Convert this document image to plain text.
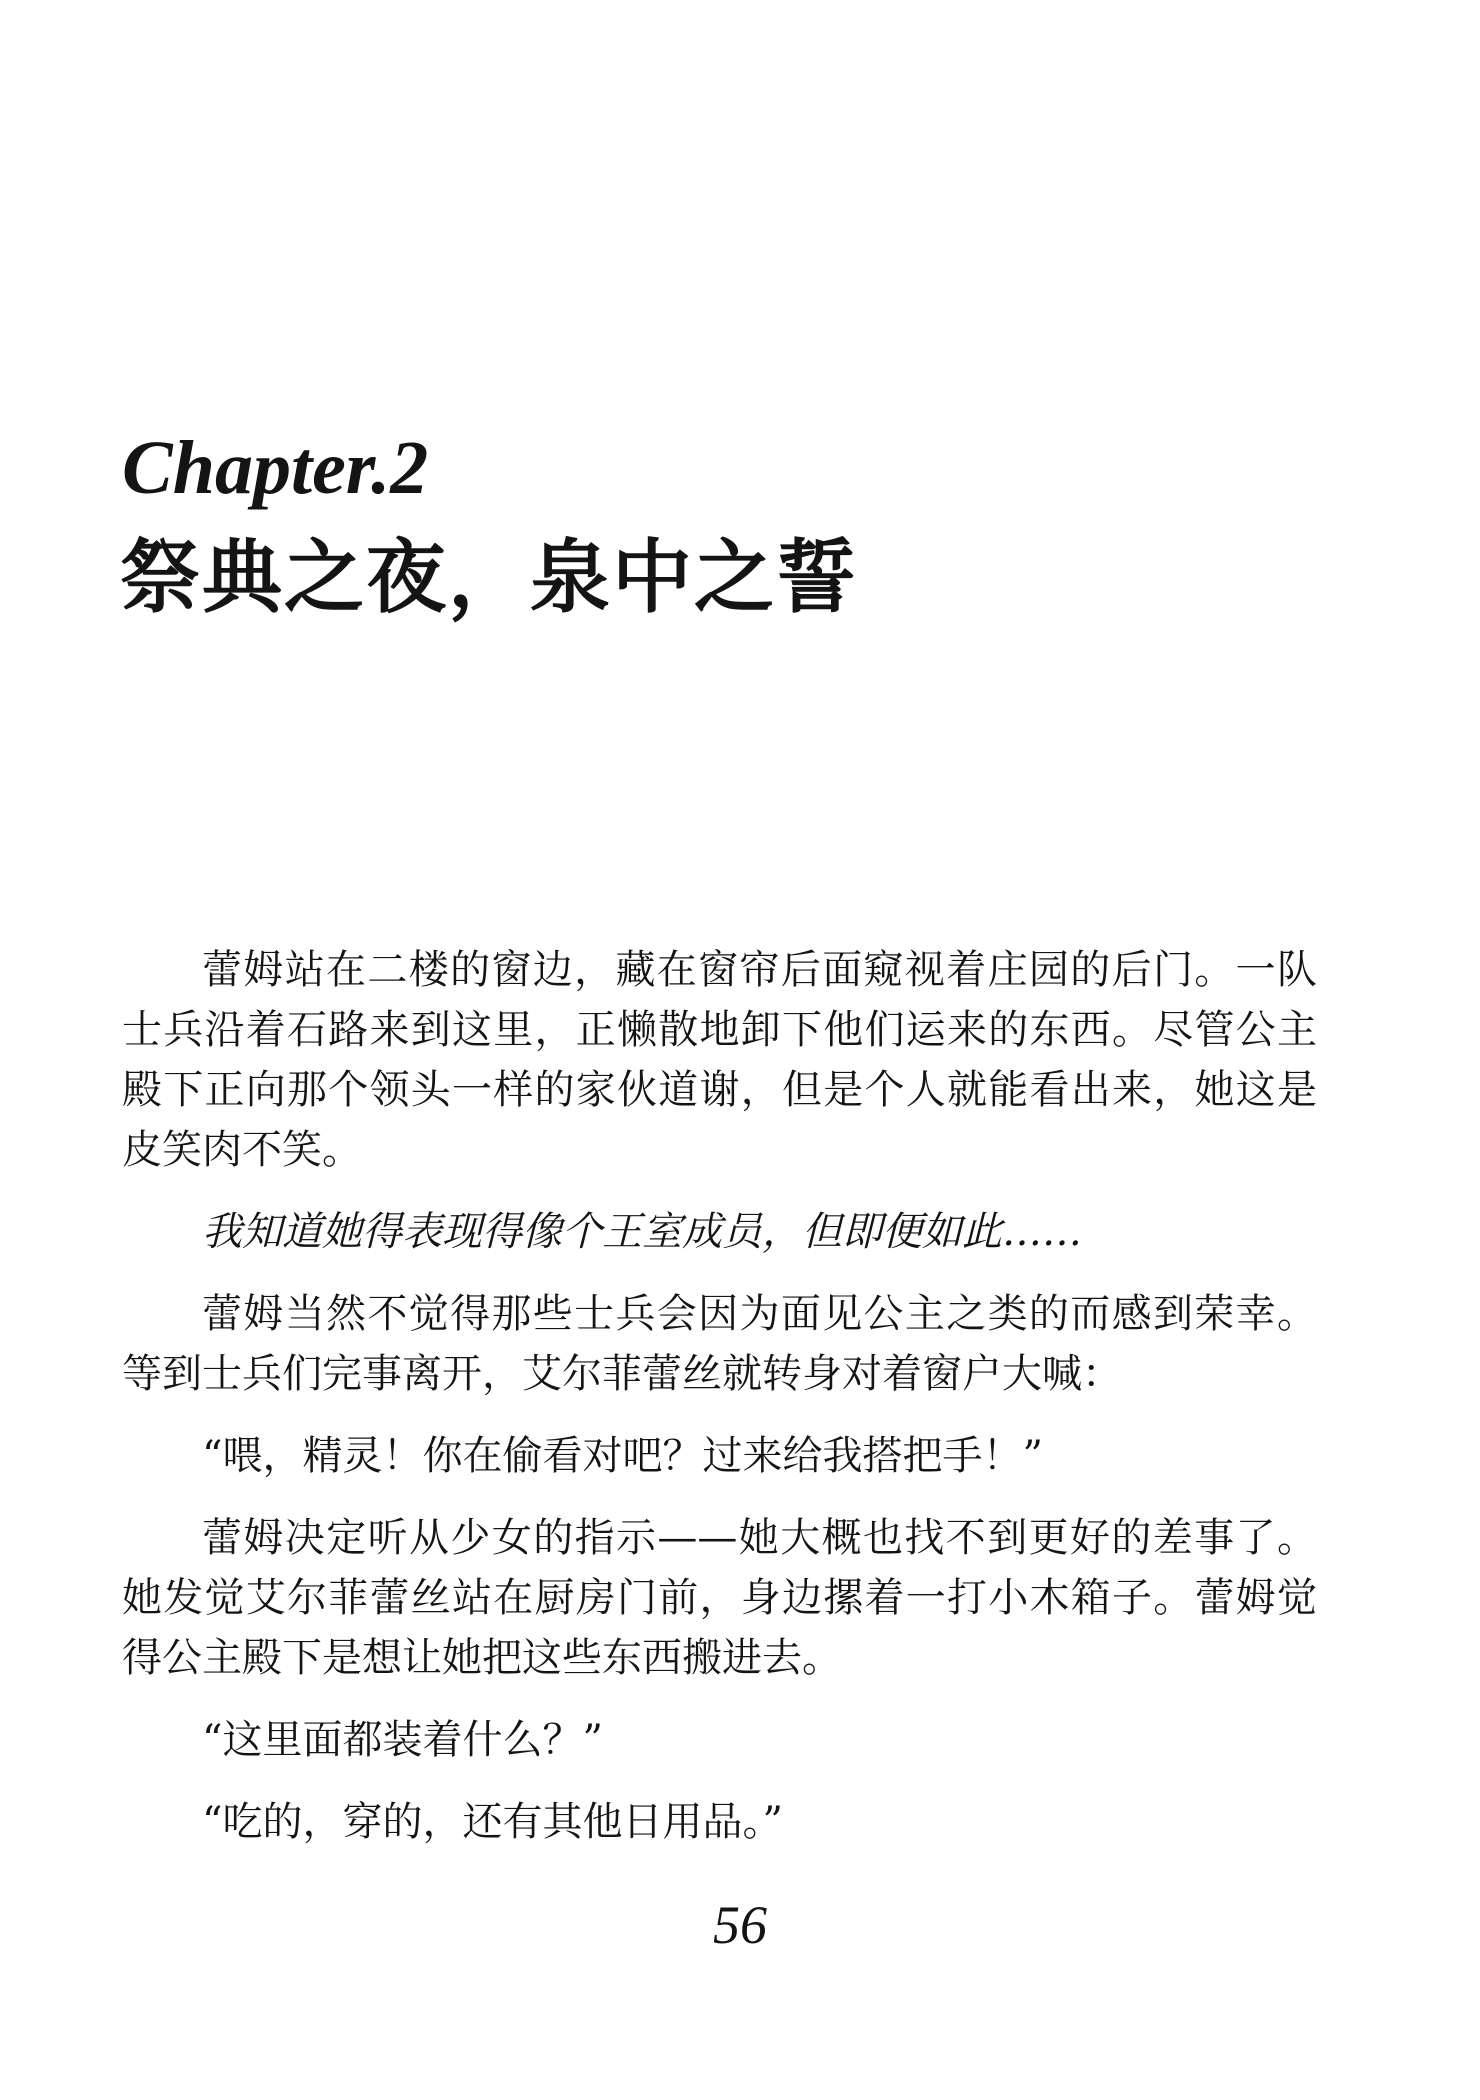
Chapter.2
祭典之夜，泉中之誓

蕾姆站在二楼的窗边，藏在窗帘后面窥视着庄园的后门。一队士兵沿着石路来到这里，正懒散地卸下他们运来的东西。尽管公主殿下正向那个领头一样的家伙道谢，但是个人就能看出来，她这是皮笑肉不笑。

我知道她得表现得像个王室成员，但即便如此……

蕾姆当然不觉得那些士兵会因为面见公主之类的而感到荣幸。等到士兵们完事离开，艾尔菲蕾丝就转身对着窗户大喊：

“喂，精灵！你在偷看对吧？过来给我搭把手！”

蕾姆决定听从少女的指示——她大概也找不到更好的差事了。她发觉艾尔菲蕾丝站在厨房门前，身边摞着一打小木箱子。蕾姆觉得公主殿下是想让她把这些东西搬进去。

“这里面都装着什么？”

“吃的，穿的，还有其他日用品。”

56
